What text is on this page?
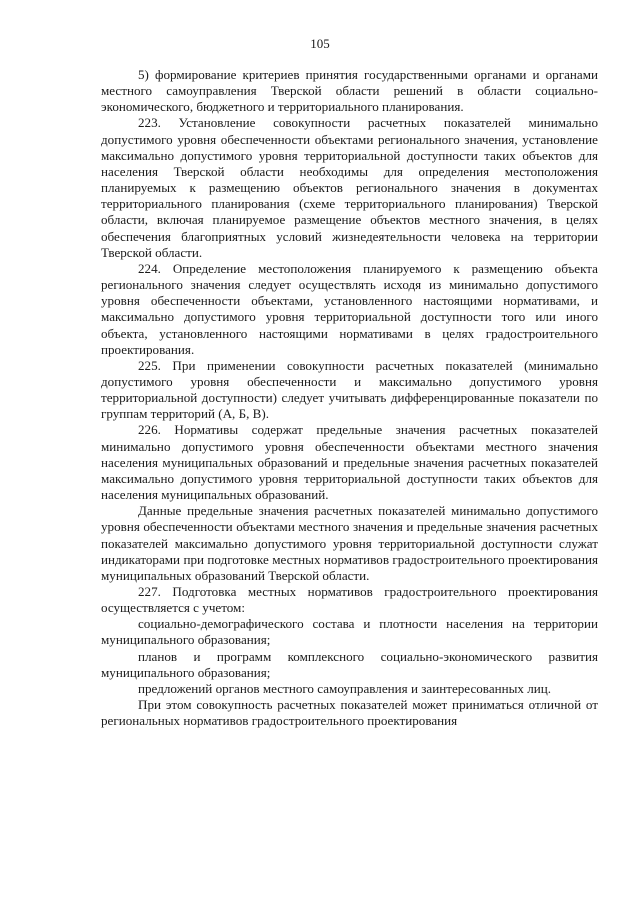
105

5) формирование критериев принятия государственными органами и органами местного самоуправления Тверской области решений в области социально-экономического, бюджетного и территориального планирования.

223. Установление совокупности расчетных показателей минимально допустимого уровня обеспеченности объектами регионального значения, установление максимально допустимого уровня территориальной доступности таких объектов для населения Тверской области необходимы для определения местоположения планируемых к размещению объектов регионального значения в документах территориального планирования (схеме территориального планирования) Тверской области, включая планируемое размещение объектов местного значения, в целях обеспечения благоприятных условий жизнедеятельности человека на территории Тверской области.

224. Определение местоположения планируемого к размещению объекта регионального значения следует осуществлять исходя из минимально допустимого уровня обеспеченности объектами, установленного настоящими нормативами, и максимально допустимого уровня территориальной доступности того или иного объекта, установленного настоящими нормативами в целях градостроительного проектирования.

225. При применении совокупности расчетных показателей (минимально допустимого уровня обеспеченности и максимально допустимого уровня территориальной доступности) следует учитывать дифференцированные показатели по группам территорий (А, Б, В).

226. Нормативы содержат предельные значения расчетных показателей минимально допустимого уровня обеспеченности объектами местного значения населения муниципальных образований и предельные значения расчетных показателей максимально допустимого уровня территориальной доступности таких объектов для населения муниципальных образований.

Данные предельные значения расчетных показателей минимально допустимого уровня обеспеченности объектами местного значения и предельные значения расчетных показателей максимально допустимого уровня территориальной доступности служат индикаторами при подготовке местных нормативов градостроительного проектирования муниципальных образований Тверской области.

227. Подготовка местных нормативов градостроительного проектирования осуществляется с учетом:

социально-демографического состава и плотности населения на территории муниципального образования;

планов и программ комплексного социально-экономического развития муниципального образования;

предложений органов местного самоуправления и заинтересованных лиц.

При этом совокупность расчетных показателей может приниматься отличной от региональных нормативов градостроительного проектирования
